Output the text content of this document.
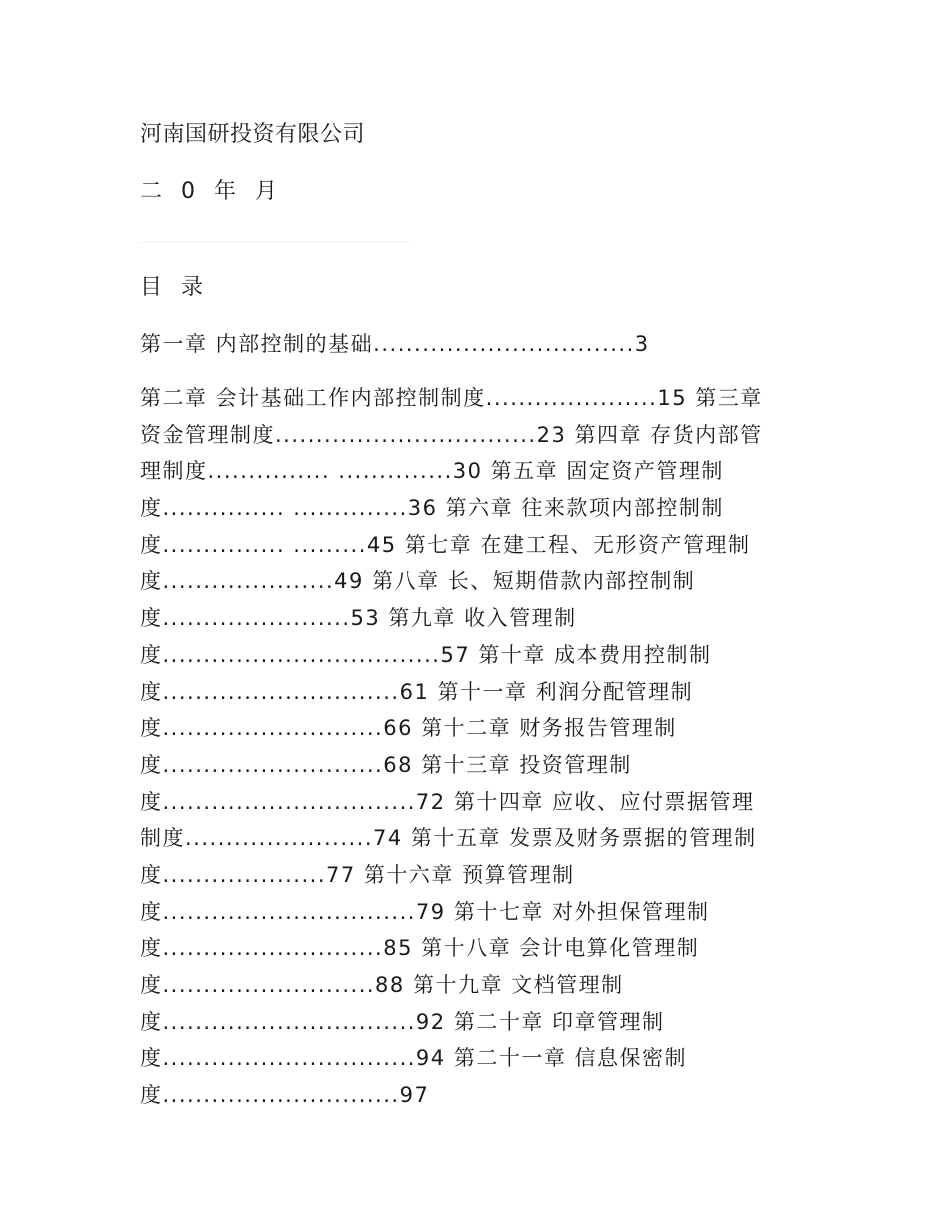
河南国研投资有限公司
二 0 年 月
目 录
第一章 内部控制的基础................................3
第二章 会计基础工作内部控制制度.....................15 第三章
资金管理制度................................23 第四章 存货内部管
理制度............... ..............30 第五章 固定资产管理制
度............... ..............36 第六章 往来款项内部控制制
度............... .........45 第七章 在建工程、无形资产管理制
度.....................49 第八章 长、短期借款内部控制制
度.......................53 第九章 收入管理制
度..................................57 第十章 成本费用控制制
度.............................61 第十一章 利润分配管理制
度...........................66 第十二章 财务报告管理制
度...........................68 第十三章 投资管理制
度...............................72 第十四章 应收、应付票据管理
制度.......................74 第十五章 发票及财务票据的管理制
度....................77 第十六章 预算管理制
度...............................79 第十七章 对外担保管理制
度...........................85 第十八章 会计电算化管理制
度..........................88 第十九章 文档管理制
度...............................92 第二十章 印章管理制
度...............................94 第二十一章 信息保密制
度.............................97
